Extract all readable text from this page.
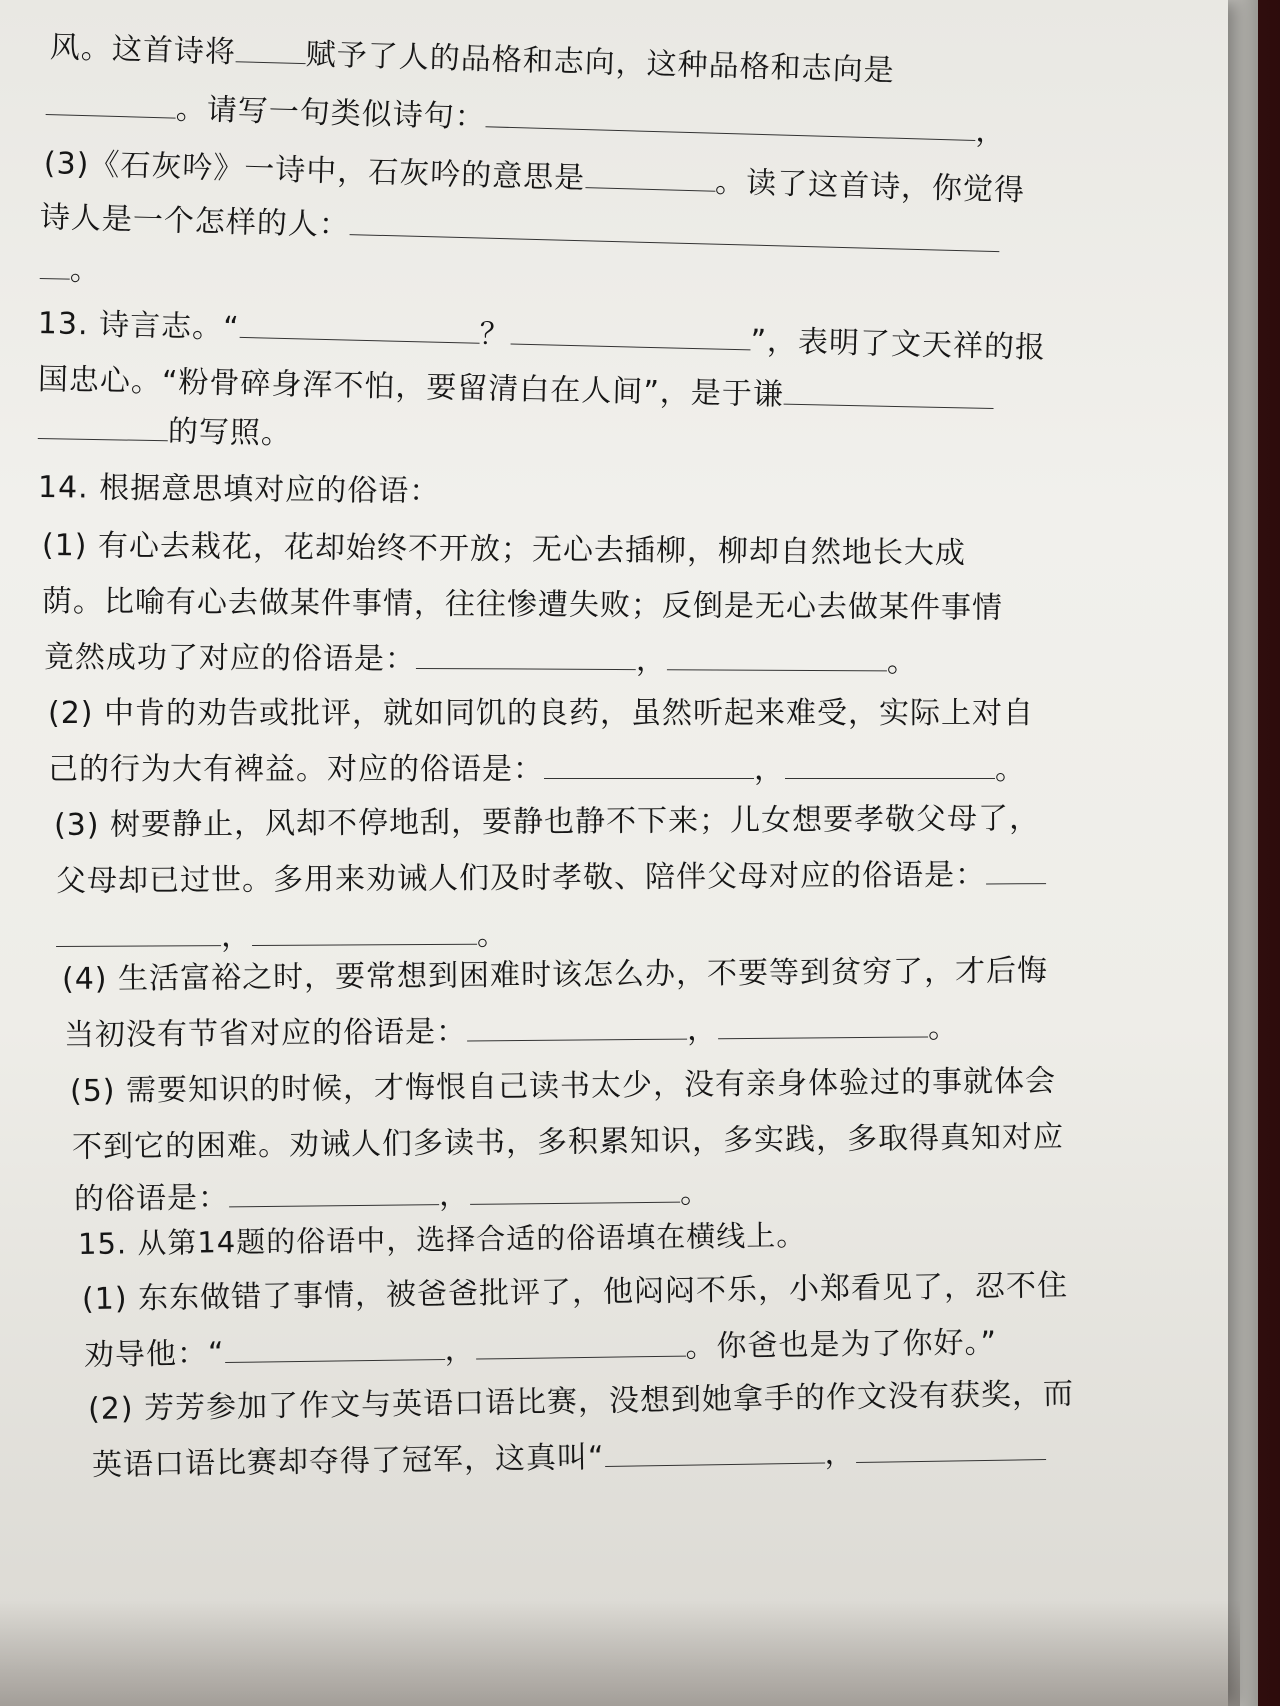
风。这首诗将 赋予了人的品格和志向，这种品格和志向是
。请写一句类似诗句：	，
(3)《石灰吟》一诗中，石灰吟的意思是	。读了这首诗，你觉得
诗人是一个怎样的人：
。
13. 诗言志。“	？	”，表明了文天祥的报
国忠心。“粉骨碎身浑不怕，要留清白在人间”，是于谦
的写照。
14. 根据意思填对应的俗语：
(1) 有心去栽花，花却始终不开放；无心去插柳，柳却自然地长大成
荫。比喻有心去做某件事情，往往惨遭失败；反倒是无心去做某件事情
竟然成功了对应的俗语是：	，	。
(2) 中肯的劝告或批评，就如同饥的良药，虽然听起来难受，实际上对自
己的行为大有裨益。对应的俗语是：	，	。
(3) 树要静止，风却不停地刮，要静也静不下来；儿女想要孝敬父母了，
父母却已过世。多用来劝诫人们及时孝敬、陪伴父母对应的俗语是：
，	。
(4) 生活富裕之时，要常想到困难时该怎么办，不要等到贫穷了，才后悔
当初没有节省对应的俗语是：	，	。
(5) 需要知识的时候，才悔恨自己读书太少，没有亲身体验过的事就体会
不到它的困难。劝诫人们多读书，多积累知识，多实践，多取得真知对应
的俗语是：	，	。
15. 从第14题的俗语中，选择合适的俗语填在横线上。
(1) 东东做错了事情，被爸爸批评了，他闷闷不乐，小郑看见了，忍不住
劝导他：“	，	。你爸也是为了你好。”
(2) 芳芳参加了作文与英语口语比赛，没想到她拿手的作文没有获奖，而
英语口语比赛却夺得了冠军，这真叫“	，
